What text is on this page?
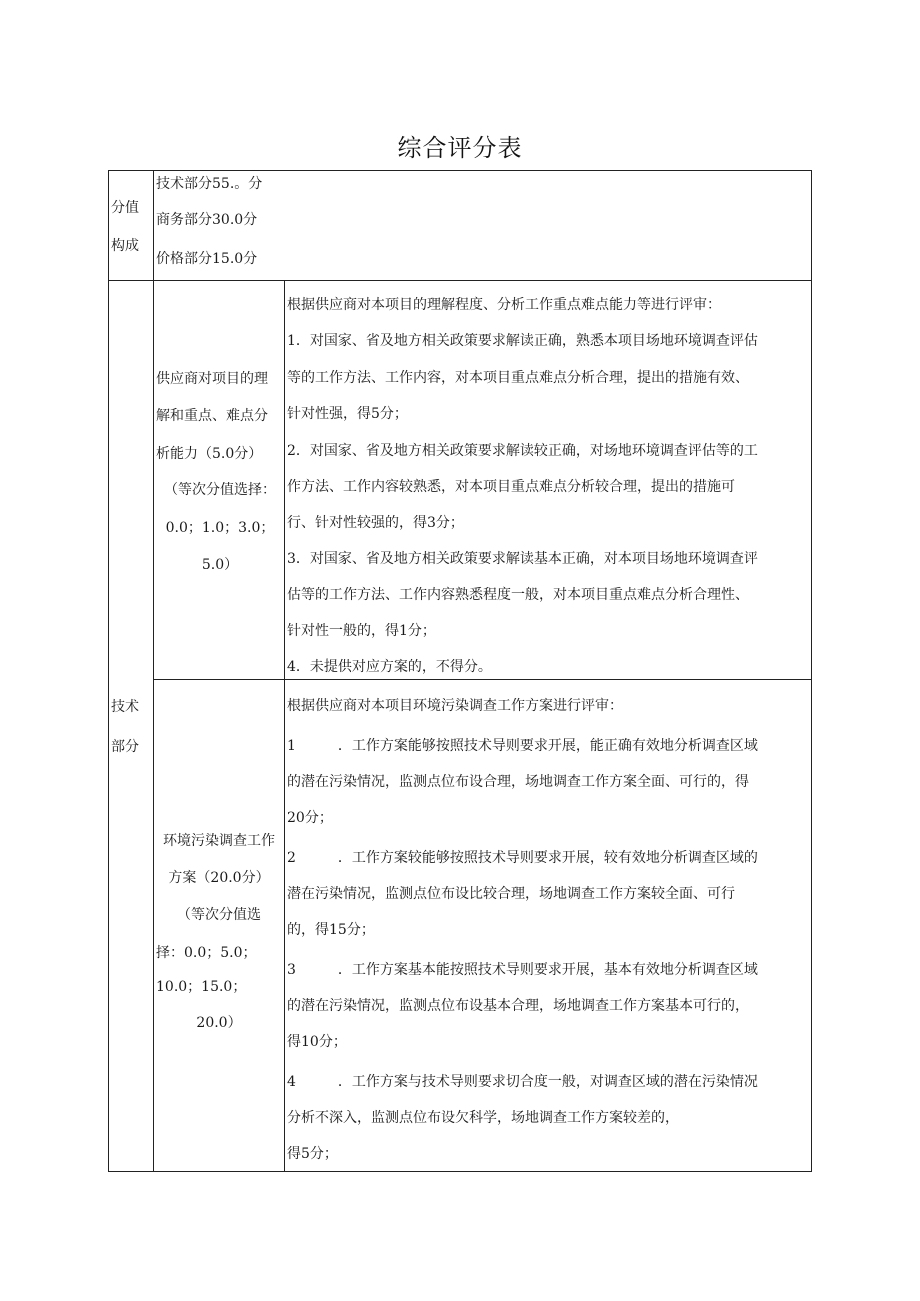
综合评分表
分值
构成
技术部分55.。分
商务部分30.0分
价格部分15.0分
技术
部分
供应商对项目的理
解和重点、难点分
析能力（5.0分）
（等次分值选择：
0.0；1.0；3.0；
5.0）
环境污染调查工作
方案（20.0分）
（等次分值选
择：0.0；5.0；
10.0；15.0；
20.0）
根据供应商对本项目的理解程度、分析工作重点难点能力等进行评审：
1．对国家、省及地方相关政策要求解读正确，熟悉本项目场地环境调查评估
等的工作方法、工作内容，对本项目重点难点分析合理，提出的措施有效、
针对性强，得5分；
2．对国家、省及地方相关政策要求解读较正确，对场地环境调查评估等的工
作方法、工作内容较熟悉，对本项目重点难点分析较合理，提出的措施可
行、针对性较强的，得3分；
3．对国家、省及地方相关政策要求解读基本正确，对本项目场地环境调查评
估等的工作方法、工作内容熟悉程度一般，对本项目重点难点分析合理性、
针对性一般的，得1分；
4．未提供对应方案的，不得分。
根据供应商对本项目环境污染调查工作方案进行评审：
1　　　．工作方案能够按照技术导则要求开展，能正确有效地分析调查区域
的潜在污染情况，监测点位布设合理，场地调查工作方案全面、可行的，得
20分；
2　　　．工作方案较能够按照技术导则要求开展，较有效地分析调查区域的
潜在污染情况，监测点位布设比较合理，场地调查工作方案较全面、可行
的，得15分；
3　　　．工作方案基本能按照技术导则要求开展，基本有效地分析调查区域
的潜在污染情况，监测点位布设基本合理，场地调查工作方案基本可行的，
得10分；
4　　　．工作方案与技术导则要求切合度一般，对调查区域的潜在污染情况
分析不深入，监测点位布设欠科学，场地调查工作方案较差的，
得5分；
